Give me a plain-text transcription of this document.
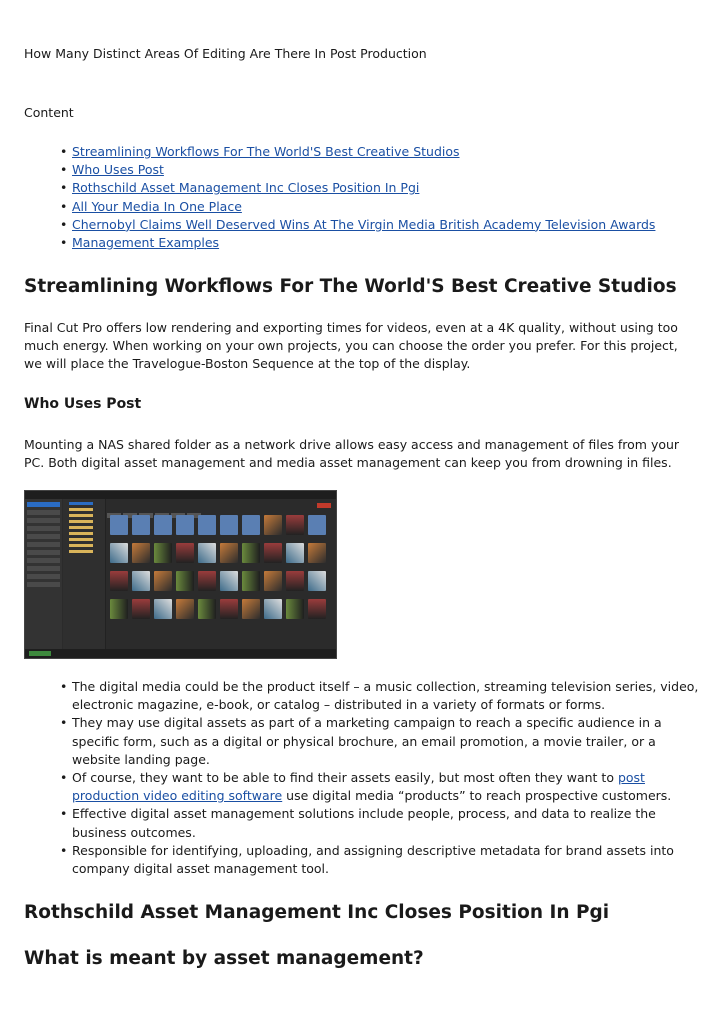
How Many Distinct Areas Of Editing Are There In Post Production
Content
• Streamlining Workflows For The World'S Best Creative Studios
• Who Uses Post
• Rothschild Asset Management Inc Closes Position In Pgi
• All Your Media In One Place
• Chernobyl Claims Well Deserved Wins At The Virgin Media British Academy Television Awards
• Management Examples
Streamlining Workflows For The World'S Best Creative Studios

Final Cut Pro offers low rendering and exporting times for videos, even at a 4K quality, without using too much energy. When working on your own projects, you can choose the order you prefer. For this project, we will place the Travelogue-Boston Sequence at the top of the display.

Who Uses Post

Mounting a NAS shared folder as a network drive allows easy access and management of files from your PC. Both digital asset management and media asset management can keep you from drowning in files.

• The digital media could be the product itself – a music collection, streaming television series, video, electronic magazine, e-book, or catalog – distributed in a variety of formats or forms.
• They may use digital assets as part of a marketing campaign to reach a specific audience in a specific form, such as a digital or physical brochure, an email promotion, a movie trailer, or a website landing page.
• Of course, they want to be able to find their assets easily, but most often they want to post production video editing software use digital media “products” to reach prospective customers.
• Effective digital asset management solutions include people, process, and data to realize the business outcomes.
• Responsible for identifying, uploading, and assigning descriptive metadata for brand assets into company digital asset management tool.
Rothschild Asset Management Inc Closes Position In Pgi
What is meant by asset management?
